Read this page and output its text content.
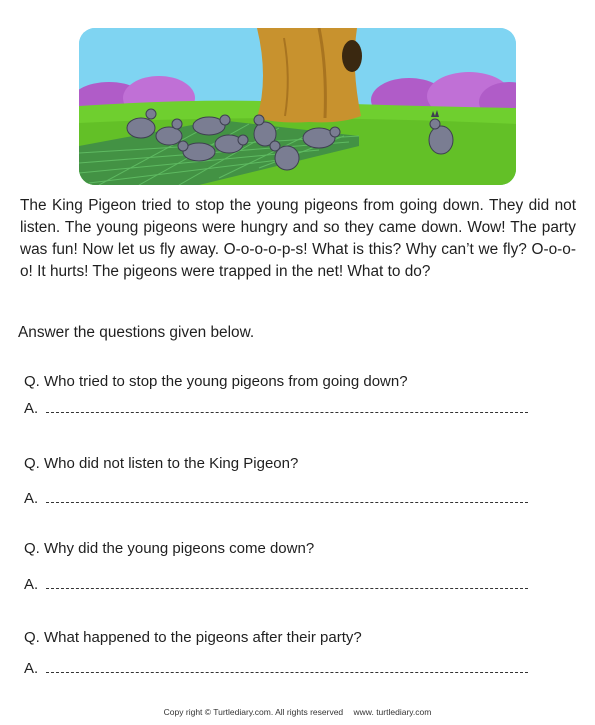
The King Pigeon tried to stop the young pigeons from going down. They did not listen. The young pigeons were hungry and so they came down. Wow! The party was fun! Now let us fly away. O-o-o-o-p-s! What is this? Why can’t we fly? O-o-o-o! It hurts! The pigeons were trapped in the net! What to do?

Answer the questions given below.
Q. Who tried to stop the young pigeons from going down?
A.
Q. Who did not listen to the King Pigeon?
A.
Q. Why did the young pigeons come down?
A.
Q. What happened to the pigeons after their party?
A.
Copy right © Turtlediary.com. All rights reserved www. turtlediary.com
